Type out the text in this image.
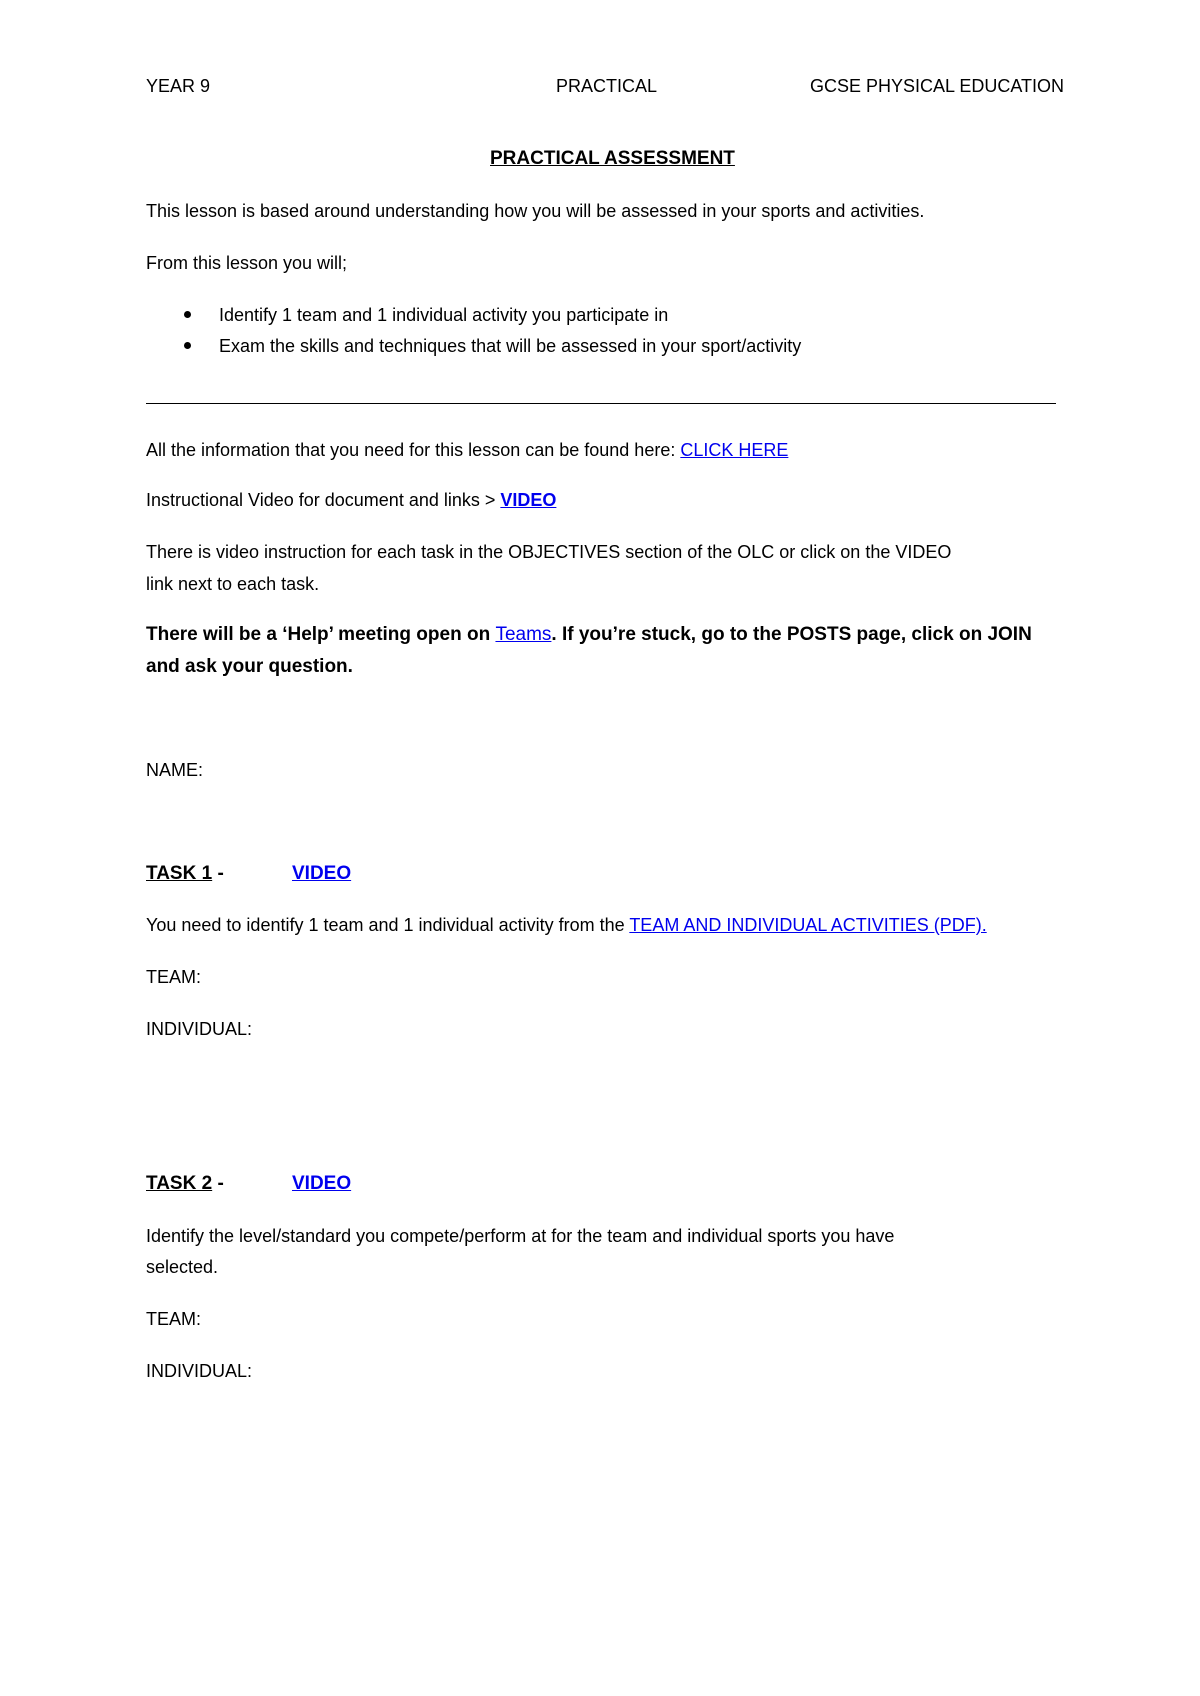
YEAR 9	PRACTICAL	GCSE PHYSICAL EDUCATION
PRACTICAL ASSESSMENT
This lesson is based around understanding how you will be assessed in your sports and activities.
From this lesson you will;
Identify 1 team and 1 individual activity you participate in
Exam the skills and techniques that will be assessed in your sport/activity
All the information that you need for this lesson can be found here: CLICK HERE
Instructional Video for document and links > VIDEO
There is video instruction for each task in the OBJECTIVES section of the OLC or click on the VIDEO
link next to each task.
There will be a ‘Help’ meeting open on Teams. If you’re stuck, go to the POSTS page, click on JOIN
and ask your question.
NAME:
TASK 1 -	VIDEO
You need to identify 1 team and 1 individual activity from the TEAM AND INDIVIDUAL ACTIVITIES (PDF).
TEAM:
INDIVIDUAL:
TASK 2 -	VIDEO
Identify the level/standard you compete/perform at for the team and individual sports you have
selected.
TEAM:
INDIVIDUAL:
